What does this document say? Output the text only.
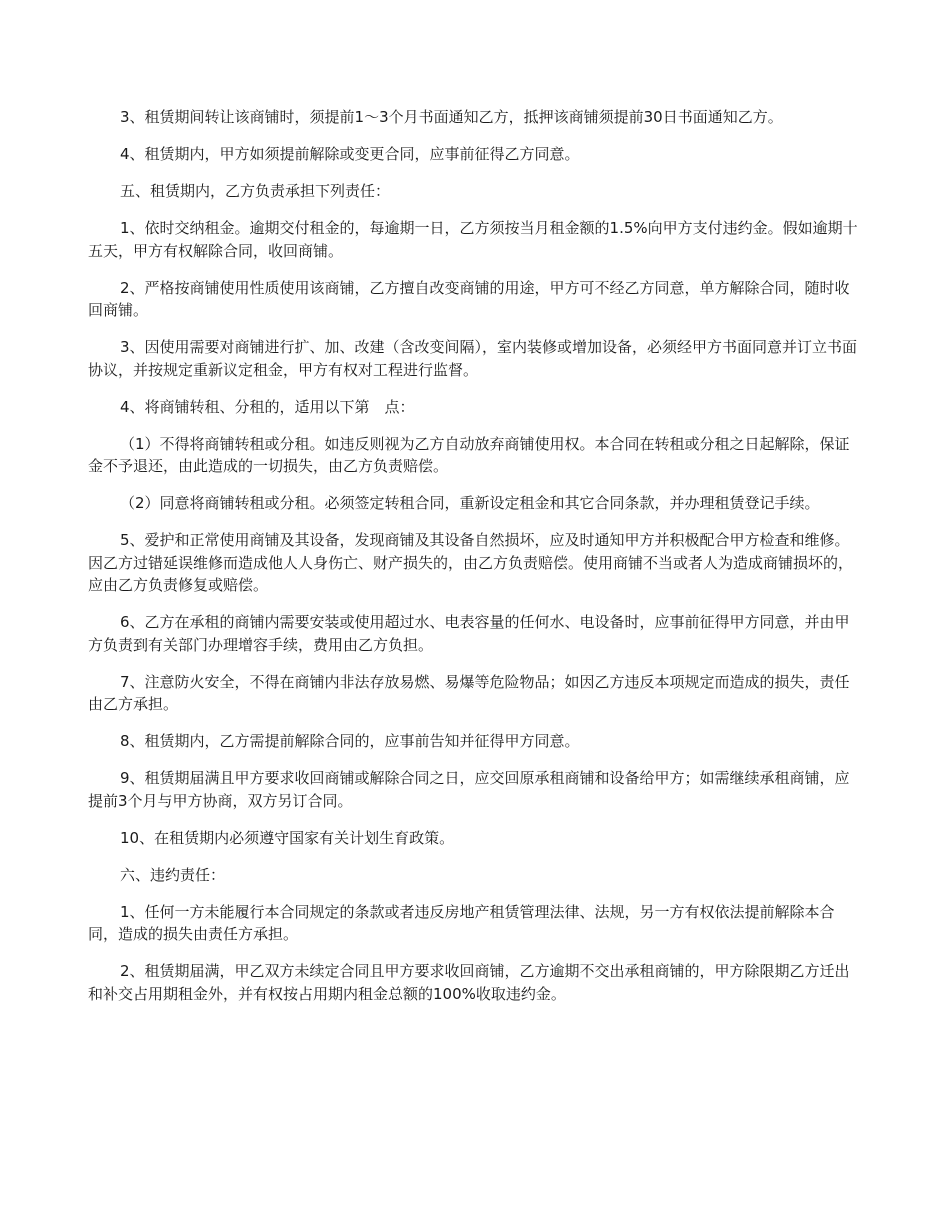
3、租赁期间转让该商铺时，须提前1～3个月书面通知乙方，抵押该商铺须提前30日书面通知乙方。

4、租赁期内，甲方如须提前解除或变更合同，应事前征得乙方同意。

五、租赁期内，乙方负责承担下列责任：

1、依时交纳租金。逾期交付租金的，每逾期一日，乙方须按当月租金额的1.5%向甲方支付违约金。假如逾期十五天，甲方有权解除合同，收回商铺。

2、严格按商铺使用性质使用该商铺，乙方擅自改变商铺的用途，甲方可不经乙方同意，单方解除合同，随时收回商铺。

3、因使用需要对商铺进行扩、加、改建（含改变间隔），室内装修或增加设备，必须经甲方书面同意并订立书面协议，并按规定重新议定租金，甲方有权对工程进行监督。

4、将商铺转租、分租的，适用以下第　点：

（1）不得将商铺转租或分租。如违反则视为乙方自动放弃商铺使用权。本合同在转租或分租之日起解除，保证金不予退还，由此造成的一切损失，由乙方负责赔偿。

（2）同意将商铺转租或分租。必须签定转租合同，重新设定租金和其它合同条款，并办理租赁登记手续。

5、爱护和正常使用商铺及其设备，发现商铺及其设备自然损坏，应及时通知甲方并积极配合甲方检查和维修。因乙方过错延误维修而造成他人人身伤亡、财产损失的，由乙方负责赔偿。使用商铺不当或者人为造成商铺损坏的，应由乙方负责修复或赔偿。

6、乙方在承租的商铺内需要安装或使用超过水、电表容量的任何水、电设备时，应事前征得甲方同意，并由甲方负责到有关部门办理增容手续，费用由乙方负担。

7、注意防火安全，不得在商铺内非法存放易燃、易爆等危险物品；如因乙方违反本项规定而造成的损失，责任由乙方承担。

8、租赁期内，乙方需提前解除合同的，应事前告知并征得甲方同意。

9、租赁期届满且甲方要求收回商铺或解除合同之日，应交回原承租商铺和设备给甲方；如需继续承租商铺，应提前3个月与甲方协商，双方另订合同。

10、在租赁期内必须遵守国家有关计划生育政策。

六、违约责任：

1、任何一方未能履行本合同规定的条款或者违反房地产租赁管理法律、法规，另一方有权依法提前解除本合同，造成的损失由责任方承担。

2、租赁期届满，甲乙双方未续定合同且甲方要求收回商铺，乙方逾期不交出承租商铺的，甲方除限期乙方迁出和补交占用期租金外，并有权按占用期内租金总额的100%收取违约金。
